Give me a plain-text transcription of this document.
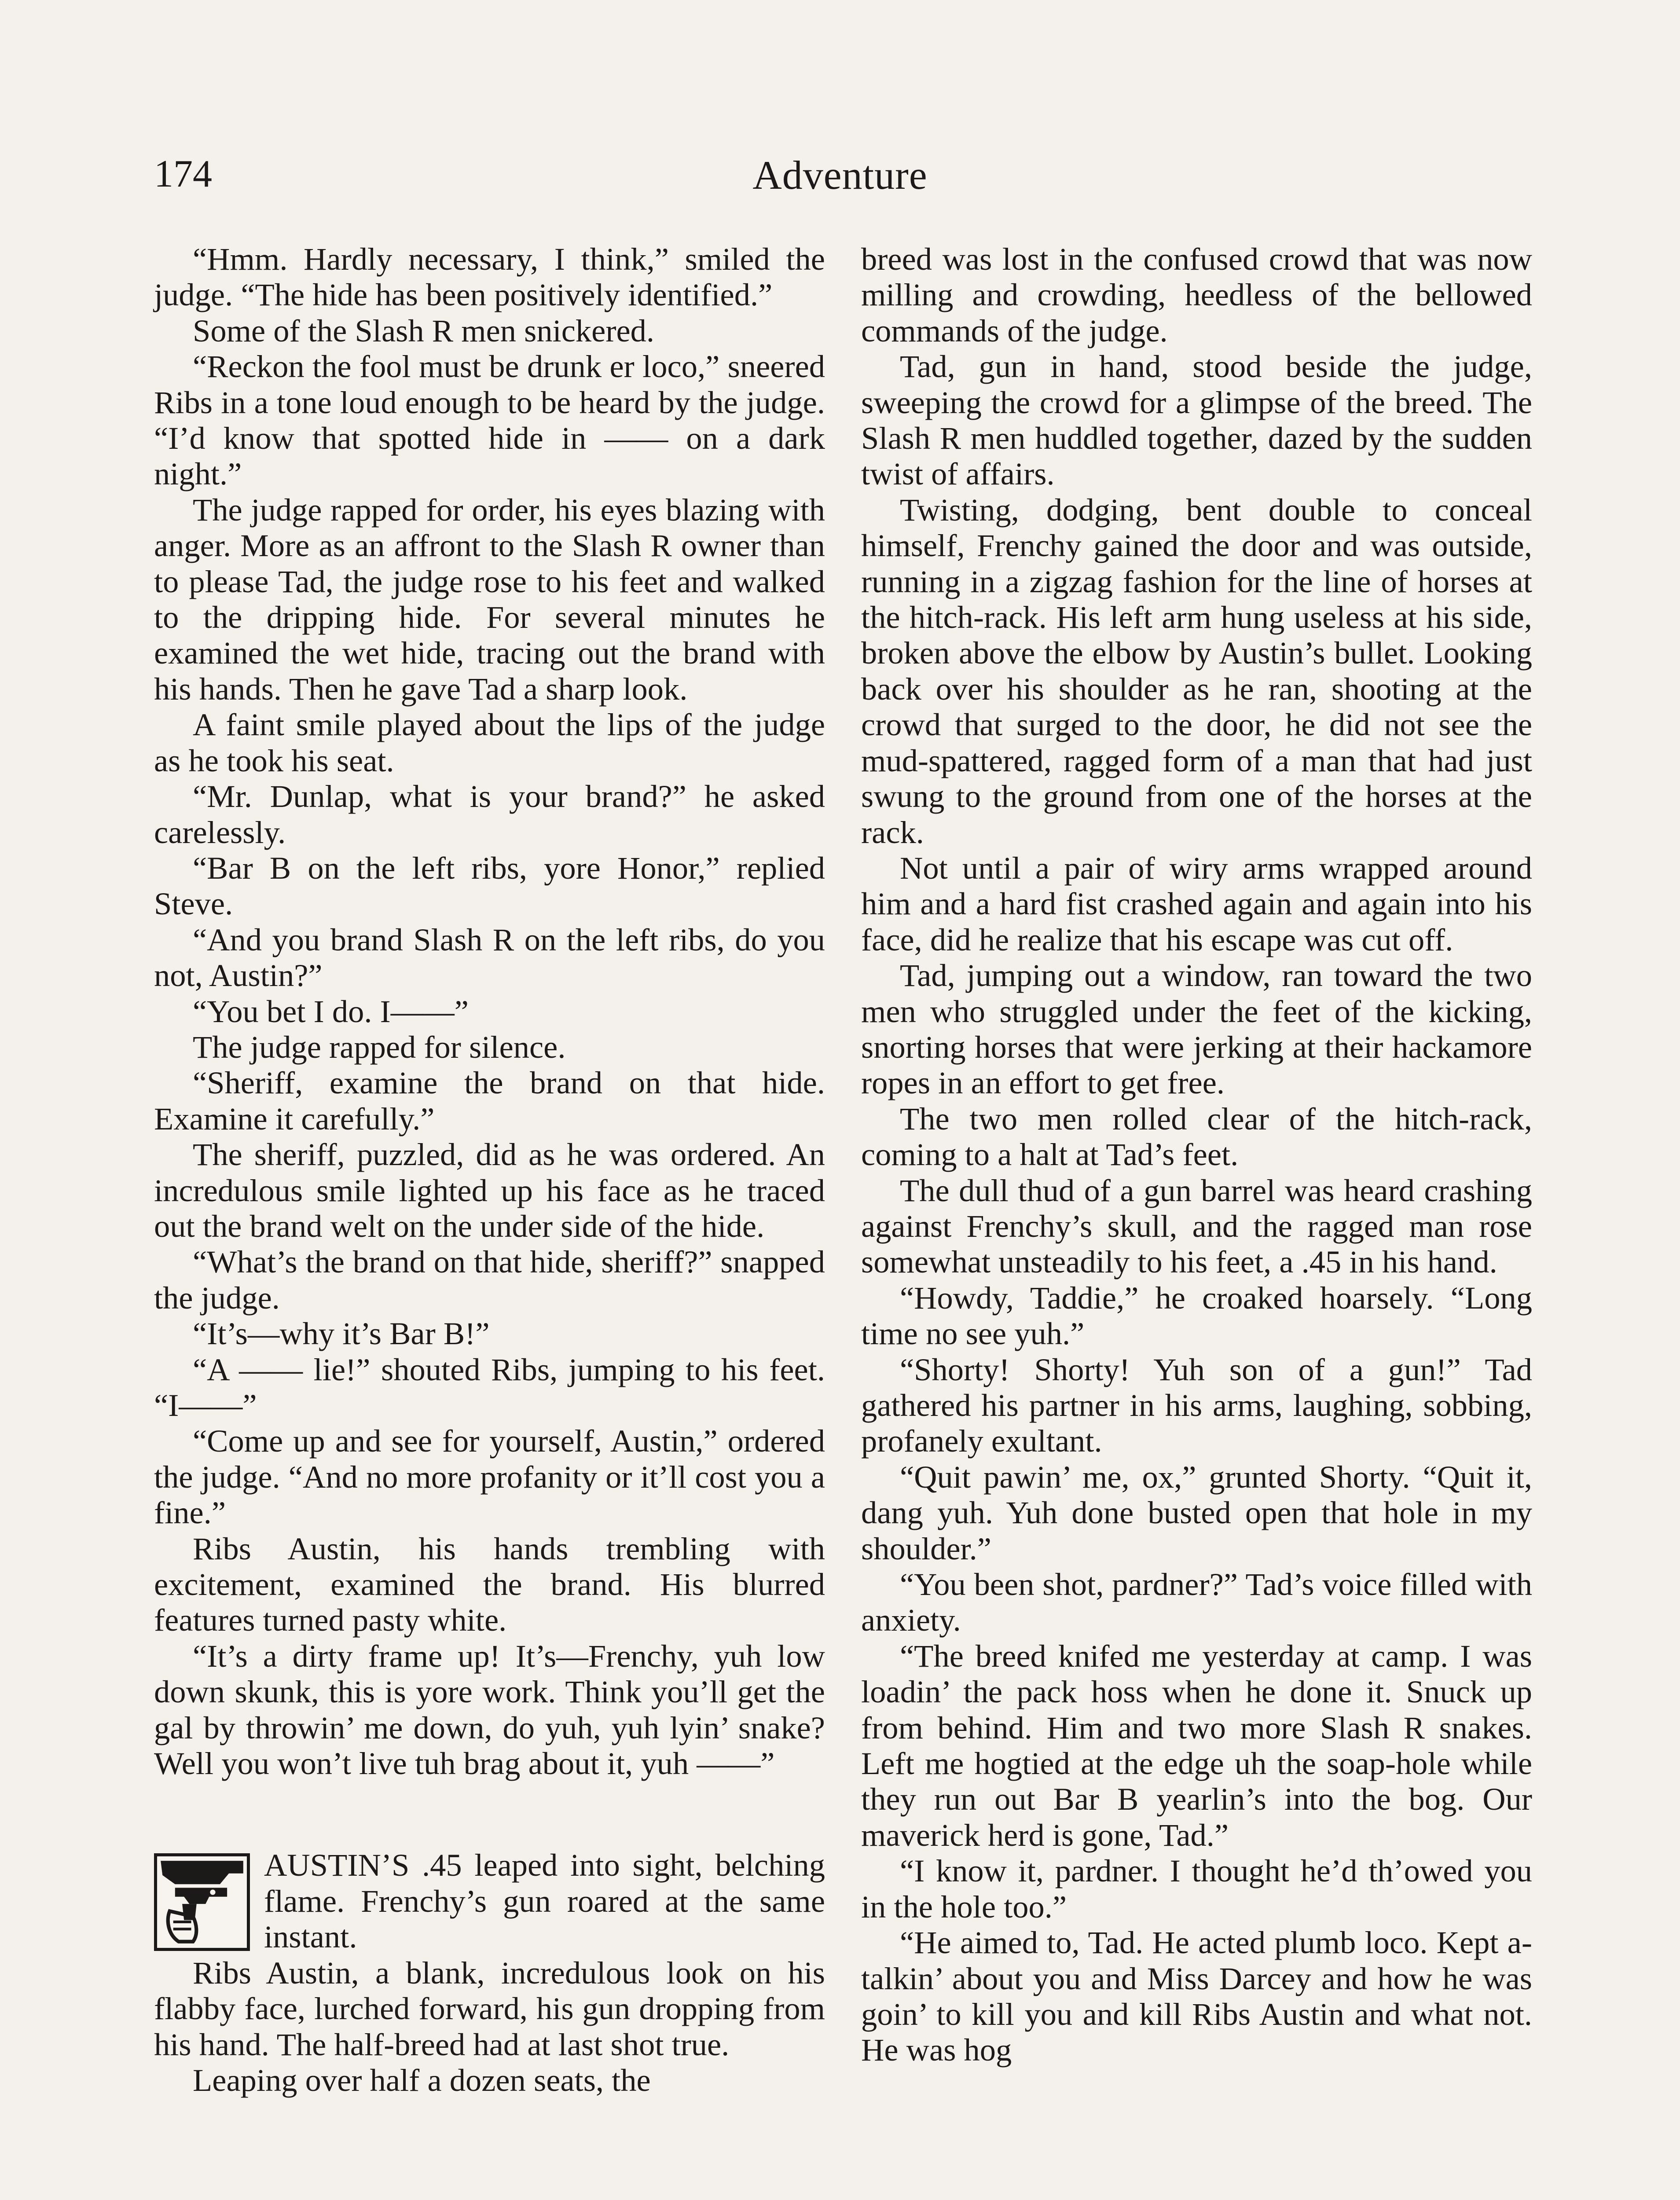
174	Adventure

“Hmm. Hardly necessary, I think,” smiled the judge. “The hide has been positively identified.”

Some of the Slash R men snickered.

“Reckon the fool must be drunk er loco,” sneered Ribs in a tone loud enough to be heard by the judge. “I’d know that spotted hide in —— on a dark night.”

The judge rapped for order, his eyes blazing with anger. More as an affront to the Slash R owner than to please Tad, the judge rose to his feet and walked to the dripping hide. For several minutes he examined the wet hide, tracing out the brand with his hands. Then he gave Tad a sharp look.

A faint smile played about the lips of the judge as he took his seat.

“Mr. Dunlap, what is your brand?” he asked carelessly.

“Bar B on the left ribs, yore Honor,” replied Steve.

“And you brand Slash R on the left ribs, do you not, Austin?”

“You bet I do. I——”

The judge rapped for silence.

“Sheriff, examine the brand on that hide. Examine it carefully.”

The sheriff, puzzled, did as he was ordered. An incredulous smile lighted up his face as he traced out the brand welt on the under side of the hide.

“What’s the brand on that hide, sheriff?” snapped the judge.

“It’s—why it’s Bar B!”

“A —— lie!” shouted Ribs, jumping to his feet. “I——”

“Come up and see for yourself, Austin,” ordered the judge. “And no more profanity or it’ll cost you a fine.”

Ribs Austin, his hands trembling with excitement, examined the brand. His blurred features turned pasty white.

“It’s a dirty frame up! It’s—Frenchy, yuh low down skunk, this is yore work. Think you’ll get the gal by throwin’ me down, do yuh, yuh lyin’ snake? Well you won’t live tuh brag about it, yuh ——”

AUSTIN’S .45 leaped into sight, belching flame. Frenchy’s gun roared at the same instant.

Ribs Austin, a blank, incredulous look on his flabby face, lurched forward, his gun dropping from his hand. The half-breed had at last shot true.

Leaping over half a dozen seats, the

breed was lost in the confused crowd that was now milling and crowding, heedless of the bellowed commands of the judge.

Tad, gun in hand, stood beside the judge, sweeping the crowd for a glimpse of the breed. The Slash R men huddled together, dazed by the sudden twist of affairs.

Twisting, dodging, bent double to conceal himself, Frenchy gained the door and was outside, running in a zigzag fashion for the line of horses at the hitch-rack. His left arm hung useless at his side, broken above the elbow by Austin’s bullet. Looking back over his shoulder as he ran, shooting at the crowd that surged to the door, he did not see the mud-spattered, ragged form of a man that had just swung to the ground from one of the horses at the rack.

Not until a pair of wiry arms wrapped around him and a hard fist crashed again and again into his face, did he realize that his escape was cut off.

Tad, jumping out a window, ran toward the two men who struggled under the feet of the kicking, snorting horses that were jerking at their hackamore ropes in an effort to get free.

The two men rolled clear of the hitch-rack, coming to a halt at Tad’s feet.

The dull thud of a gun barrel was heard crashing against Frenchy’s skull, and the ragged man rose somewhat unsteadily to his feet, a .45 in his hand.

“Howdy, Taddie,” he croaked hoarsely. “Long time no see yuh.”

“Shorty! Shorty! Yuh son of a gun!” Tad gathered his partner in his arms, laughing, sobbing, profanely exultant.

“Quit pawin’ me, ox,” grunted Shorty. “Quit it, dang yuh. Yuh done busted open that hole in my shoulder.”

“You been shot, pardner?” Tad’s voice filled with anxiety.

“The breed knifed me yesterday at camp. I was loadin’ the pack hoss when he done it. Snuck up from behind. Him and two more Slash R snakes. Left me hogtied at the edge uh the soap-hole while they run out Bar B yearlin’s into the bog. Our maverick herd is gone, Tad.”

“I know it, pardner. I thought he’d th’owed you in the hole too.”

“He aimed to, Tad. He acted plumb loco. Kept a-talkin’ about you and Miss Darcey and how he was goin’ to kill you and kill Ribs Austin and what not. He was hog
